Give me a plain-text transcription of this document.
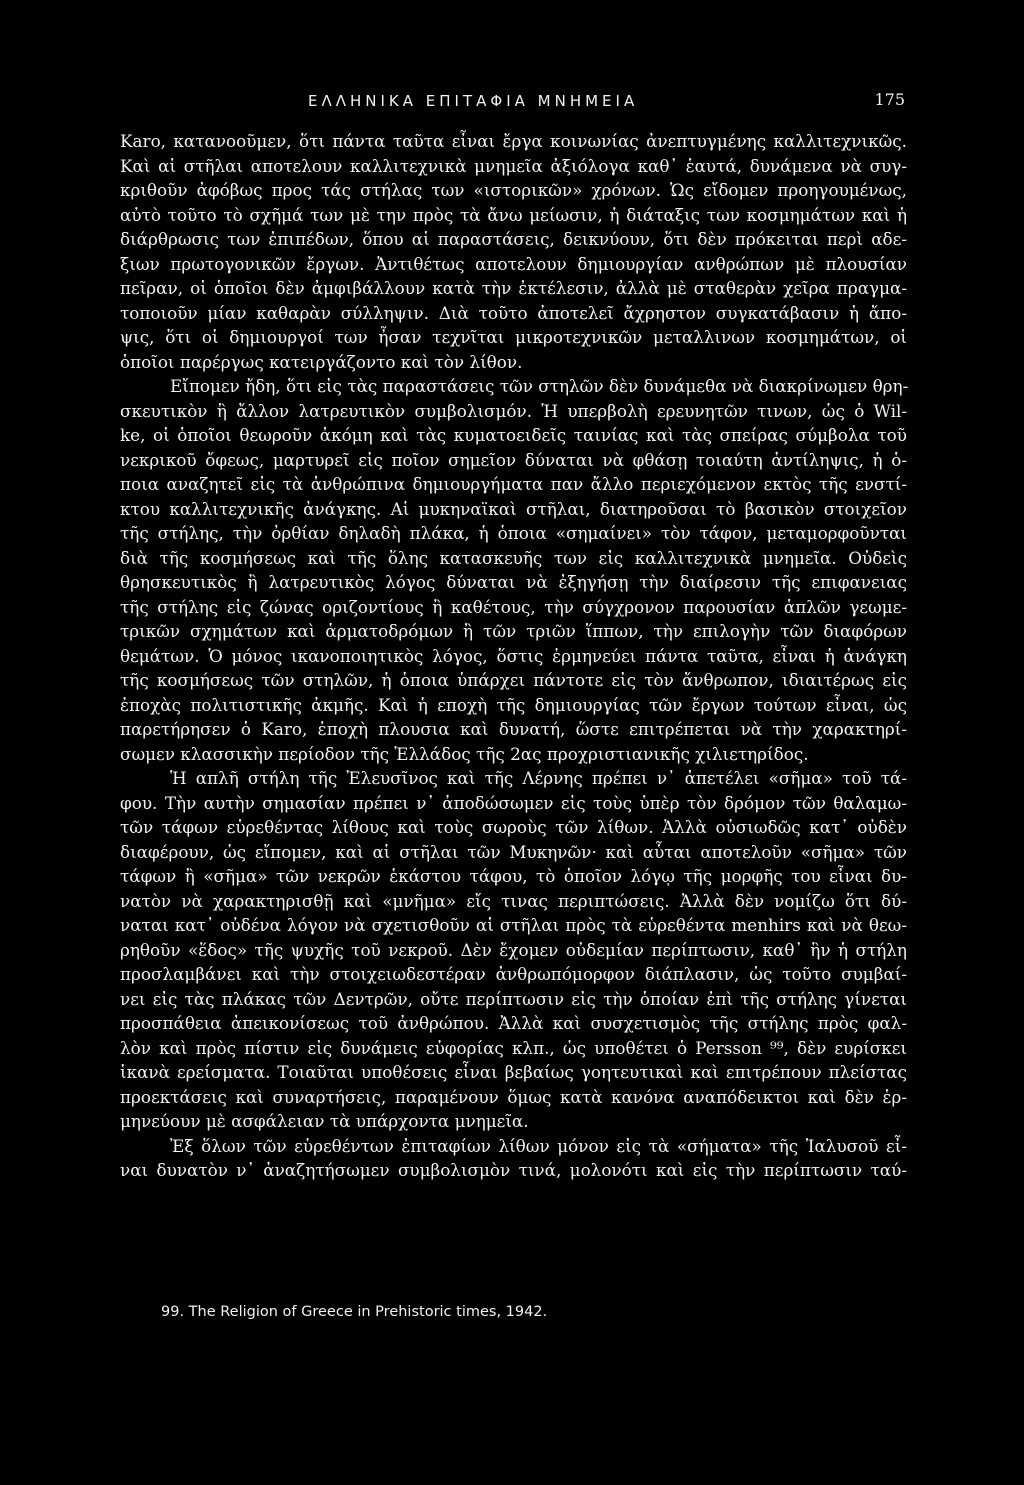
ΕΛΛΗΝΙΚΑ ΕΠΙΤΑΦΙΑ ΜΝΗΜΕΙΑ	175
Karo, κατανοοῦμεν, ὅτι πάντα ταῦτα εἶναι ἔργα κοινωνίας ἀνεπτυγμένης καλλιτεχνικῶς.
Καὶ αἱ στῆλαι αποτελουν καλλιτεχνικὰ μνημεῖα ἀξιόλογα καθ᾿ ἑαυτά, δυνάμενα νὰ συγ-
κριθοῦν ἀφόβως προς τάς στήλας των «ιστορικῶν» χρόνων. Ὡς εἴδομεν προηγουμένως,
αὐτὸ τοῦτο τὸ σχῆμά των μὲ την πρὸς τὰ ἄνω μείωσιν, ἡ διάταξις των κοσμημάτων καὶ ἡ
διάρθρωσις των ἐπιπέδων, ὅπου αἱ παραστάσεις, δεικνύουν, ὅτι δὲν πρόκειται περὶ αδε-
ξιων πρωτογονικῶν ἔργων. Ἀντιθέτως αποτελουν δημιουργίαν ανθρώπων μὲ πλουσίαν
πεῖραν, οἱ ὁποῖοι δὲν ἀμφιβάλλουν κατὰ τὴν ἐκτέλεσιν, ἀλλὰ μὲ σταθερὰν χεῖρα πραγμα-
τοποιοῦν μίαν καθαρὰν σύλληψιν. Διὰ τοῦτο ἀποτελεῖ ἄχρηστον συγκατάβασιν ἡ ἄπο-
ψις, ὅτι οἱ δημιουργοί των ἦσαν τεχνῖται μικροτεχνικῶν μεταλλινων κοσμημάτων, οἱ
ὁποῖοι παρέργως κατειργάζοντο καὶ τὸν λίθον.
Εἴπομεν ἤδη, ὅτι εἰς τὰς παραστάσεις τῶν στηλῶν δὲν δυνάμεθα νὰ διακρίνωμεν θρη-
σκευτικὸν ἢ ἄλλον λατρευτικὸν συμβολισμόν. Ἡ υπερβολὴ ερευνητῶν τινων, ὡς ὁ Wil-
ke, οἱ ὁποῖοι θεωροῦν ἀκόμη καὶ τὰς κυματοειδεῖς ταινίας καὶ τὰς σπείρας σύμβολα τοῦ
νεκρικοῦ ὄφεως, μαρτυρεῖ εἰς ποῖον σημεῖον δύναται νὰ φθάσῃ τοιαύτη ἀντίληψις, ἡ ὁ-
ποια αναζητεῖ εἰς τὰ ἀνθρώπινα δημιουργήματα παν ἄλλο περιεχόμενον εκτὸς τῆς ενστί-
κτου καλλιτεχνικῆς ἀνάγκης. Αἱ μυκηναϊκαὶ στῆλαι, διατηροῦσαι τὸ βασικὸν στοιχεῖον
τῆς στήλης, τὴν ὀρθίαν δηλαδὴ πλάκα, ἡ ὁποια «σημαίνει» τὸν τάφον, μεταμορφοῦνται
διὰ τῆς κοσμήσεως καὶ τῆς ὅλης κατασκευῆς των εἰς καλλιτεχνικὰ μνημεῖα. Οὐδεὶς
θρησκευτικὸς ἢ λατρευτικὸς λόγος δύναται νὰ ἐξηγήσῃ τὴν διαίρεσιν τῆς επιφανειας
τῆς στήλης εἰς ζώνας οριζοντίους ἢ καθέτους, τὴν σύγχρονον παρουσίαν ἁπλῶν γεωμε-
τρικῶν σχημάτων καὶ ἁρματοδρόμων ἢ τῶν τριῶν ἵππων, τὴν επιλογὴν τῶν διαφόρων
θεμάτων. Ὁ μόνος ικανοποιητικὸς λόγος, ὅστις ἑρμηνεύει πάντα ταῦτα, εἶναι ἡ ἀνάγκη
τῆς κοσμήσεως τῶν στηλῶν, ἡ ὁποια ὑπάρχει πάντοτε εἰς τὸν ἄνθρωπον, ιδιαιτέρως εἰς
ἐποχὰς πολιτιστικῆς ἀκμῆς. Καὶ ἡ εποχὴ τῆς δημιουργίας τῶν ἔργων τούτων εἶναι, ὡς
παρετήρησεν ὁ Karo, ἐποχὴ πλουσια καὶ δυνατή, ὥστε επιτρέπεται νὰ τὴν χαρακτηρί-
σωμεν κλασσικὴν περίοδον τῆς Ἑλλάδος τῆς 2ας προχριστιανικῆς χιλιετηρίδος.
Ἡ απλῆ στήλη τῆς Ἐλευσῖνος καὶ τῆς Λέρνης πρέπει ν᾿ ἀπετέλει «σῆμα» τοῦ τά-
φου. Τὴν αυτὴν σημασίαν πρέπει ν᾿ ἀποδώσωμεν εἰς τοὺς ὑπὲρ τὸν δρόμον τῶν θαλαμω-
τῶν τάφων εὑρεθέντας λίθους καὶ τοὺς σωροὺς τῶν λίθων. Ἀλλὰ οὐσιωδῶς κατ᾿ οὐδὲν
διαφέρουν, ὡς εἴπομεν, καὶ αἱ στῆλαι τῶν Μυκηνῶν· καὶ αὗται αποτελοῦν «σῆμα» τῶν
τάφων ἢ «σῆμα» τῶν νεκρῶν ἑκάστου τάφου, τὸ ὁποῖον λόγῳ τῆς μορφῆς του εἶναι δυ-
νατὸν νὰ χαρακτηρισθῇ καὶ «μνῆμα» εἴς τινας περιπτώσεις. Ἀλλὰ δὲν νομίζω ὅτι δύ-
ναται κατ᾿ οὐδένα λόγον νὰ σχετισθοῦν αἱ στῆλαι πρὸς τὰ εὑρεθέντα menhirs καὶ νὰ θεω-
ρηθοῦν «ἕδος» τῆς ψυχῆς τοῦ νεκροῦ. Δὲν ἔχομεν οὐδεμίαν περίπτωσιν, καθ᾿ ἣν ἡ στήλη
προσλαμβάνει καὶ τὴν στοιχειωδεστέραν ἀνθρωπόμορφον διάπλασιν, ὡς τοῦτο συμβαί-
νει εἰς τὰς πλάκας τῶν Δεντρῶν, οὔτε περίπτωσιν εἰς τὴν ὁποίαν ἐπὶ τῆς στήλης γίνεται
προσπάθεια ἀπεικονίσεως τοῦ ἀνθρώπου. Ἀλλὰ καὶ συσχετισμὸς τῆς στήλης πρὸς φαλ-
λὸν καὶ πρὸς πίστιν εἰς δυνάμεις εὐφορίας κλπ., ὡς υποθέτει ὁ Persson ⁹⁹, δὲν ευρίσκει
ἱκανὰ ερείσματα. Τοιαῦται υποθέσεις εἶναι βεβαίως γοητευτικαὶ καὶ επιτρέπουν πλείστας
προεκτάσεις καὶ συναρτήσεις, παραμένουν ὅμως κατὰ κανόνα αναπόδεικτοι καὶ δὲν ἑρ-
μηνεύουν μὲ ασφάλειαν τὰ υπάρχοντα μνημεῖα.
Ἐξ ὅλων τῶν εὑρεθέντων ἐπιταφίων λίθων μόνον εἰς τὰ «σήματα» τῆς Ἰαλυσοῦ εἶ-
ναι δυνατὸν ν᾿ ἀναζητήσωμεν συμβολισμὸν τινά, μολονότι καὶ εἰς τὴν περίπτωσιν ταύ-
99. The Religion of Greece in Prehistoric times, 1942.
